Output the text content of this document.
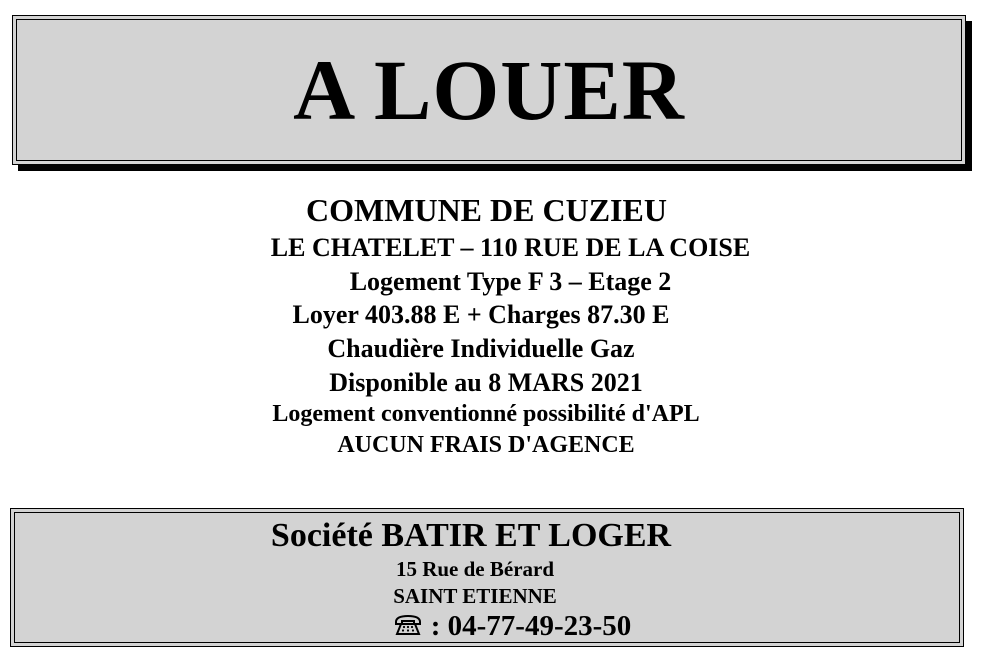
A LOUER
COMMUNE DE CUZIEU
LE CHATELET – 110 RUE DE LA COISE
Logement Type F 3 – Etage 2
Loyer 403.88 E + Charges 87.30 E
Chaudière Individuelle Gaz
Disponible au 8 MARS 2021
Logement conventionné possibilité d'APL
AUCUN FRAIS D'AGENCE
Société BATIR ET LOGER
15 Rue de Bérard
SAINT ETIENNE
: 04-77-49-23-50
